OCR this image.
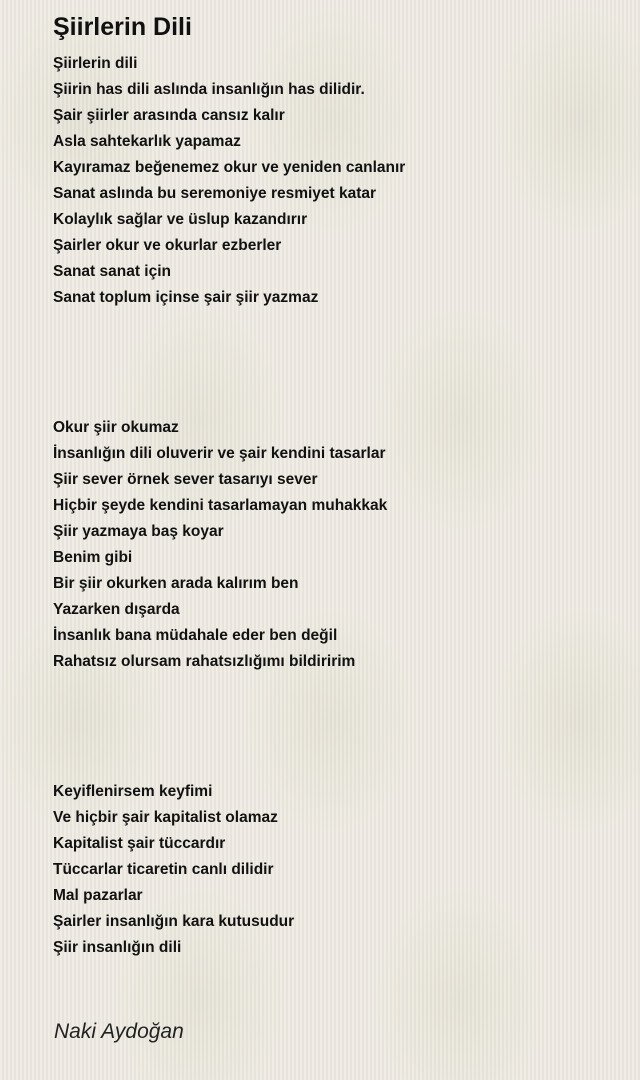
Şiirlerin Dili
Şiirlerin dili
Şiirin has dili aslında insanlığın has dilidir.
Şair şiirler arasında cansız kalır
Asla sahtekarlık yapamaz
Kayıramaz beğenemez okur ve yeniden canlanır
Sanat aslında bu seremoniye resmiyet katar
Kolaylık sağlar ve üslup kazandırır
Şairler okur ve okurlar ezberler
Sanat sanat için
Sanat toplum içinse şair şiir yazmaz
Okur şiir okumaz
İnsanlığın dili oluverir ve şair kendini tasarlar
Şiir sever örnek sever tasarıyı sever
Hiçbir şeyde kendini tasarlamayan muhakkak
Şiir yazmaya baş koyar
Benim gibi
Bir şiir okurken arada kalırım ben
Yazarken dışarda
İnsanlık bana müdahale eder ben değil
Rahatsız olursam rahatsızlığımı bildiririm
Keyiflenirsem keyfimi
Ve hiçbir şair kapitalist olamaz
Kapitalist şair tüccardır
Tüccarlar ticaretin canlı dilidir
Mal pazarlar
Şairler insanlığın kara kutusudur
Şiir insanlığın dili
Naki Aydoğan
